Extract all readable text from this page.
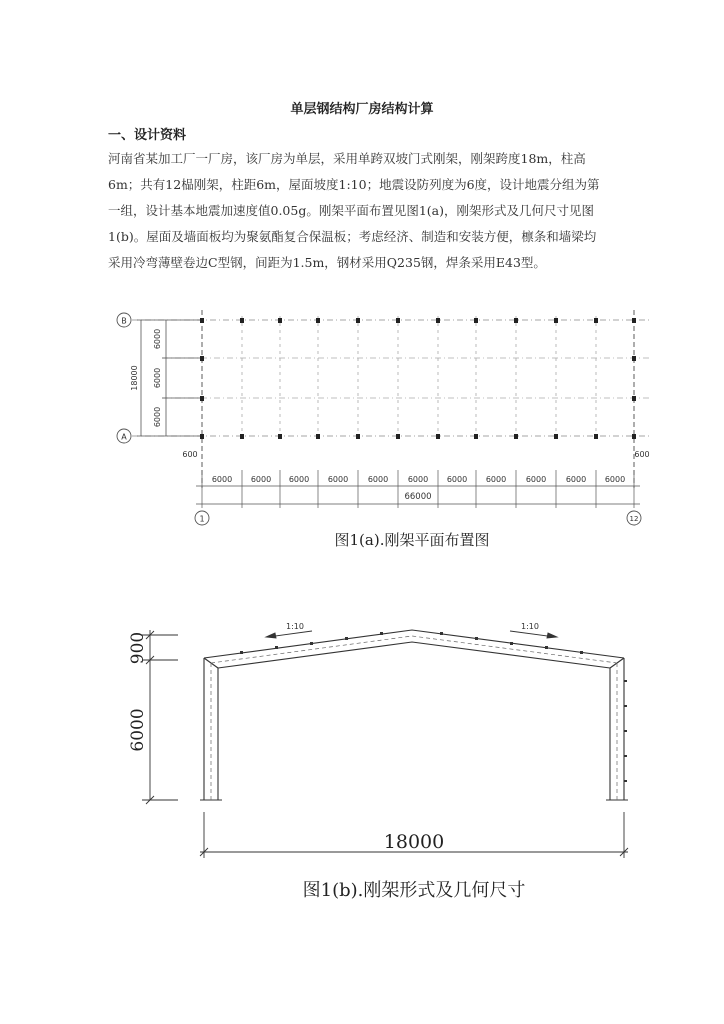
单层钢结构厂房结构计算
一、设计资料
河南省某加工厂一厂房，该厂房为单层，采用单跨双坡门式刚架，刚架跨度18m，柱高
6m；共有12榀刚架，柱距6m，屋面坡度1:10；地震设防列度为6度，设计地震分组为第
一组，设计基本地震加速度值0.05g。刚架平面布置见图1(a)，刚架形式及几何尺寸见图
1(b)。屋面及墙面板均为聚氨酯复合保温板；考虑经济、制造和安装方便，檩条和墙梁均
采用冷弯薄壁卷边C型钢，间距为1.5m，钢材采用Q235钢，焊条采用E43型。
B
A
18000
6000
6000
6000
600	600
6000 6000 6000 6000 6000 6000 6000 6000 6000 6000 6000
66000
1	12
图1(a).刚架平面布置图
900
6000
1:10	1:10
18000
图1(b).刚架形式及几何尺寸
